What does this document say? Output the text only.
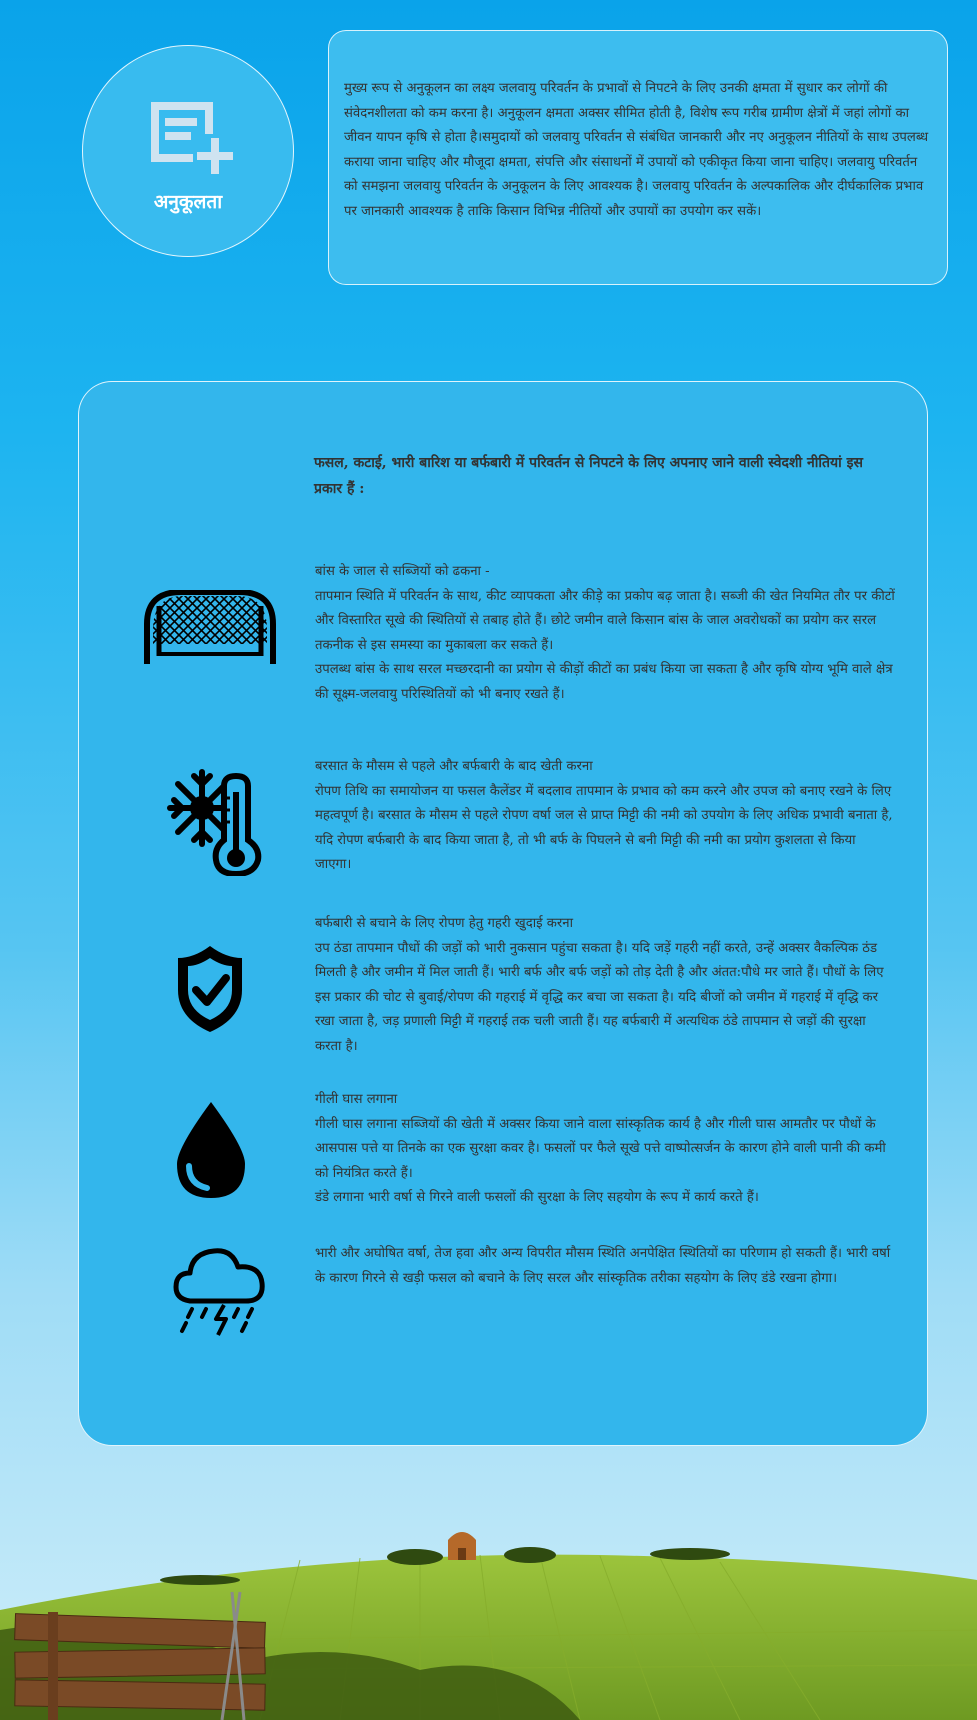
अनुकूलता

मुख्य रूप से अनुकूलन का लक्ष्य जलवायु परिवर्तन के प्रभावों से निपटने के लिए उनकी क्षमता में सुधार कर लोगों की संवेदनशीलता को कम करना है। अनुकूलन क्षमता अक्सर सीमित होती है, विशेष रूप गरीब ग्रामीण क्षेत्रों में जहां लोगों का जीवन यापन कृषि से होता है।समुदायों को जलवायु परिवर्तन से संबंधित जानकारी और नए अनुकूलन नीतियों के साथ उपलब्ध कराया जाना चाहिए और मौजूदा क्षमता, संपत्ति और संसाधनों में उपायों को एकीकृत किया जाना चाहिए। जलवायु परिवर्तन को समझना जलवायु परिवर्तन के अनुकूलन के लिए आवश्यक है। जलवायु परिवर्तन के अल्पकालिक और दीर्घकालिक प्रभाव पर जानकारी आवश्यक है ताकि किसान विभिन्न नीतियों और उपायों का उपयोग कर सकें।

फसल, कटाई, भारी बारिश या बर्फबारी में परिवर्तन से निपटने के लिए अपनाए जाने वाली स्वेदशी नीतियां इस प्रकार हैं :

बांस के जाल से सब्जियों को ढकना -

तापमान स्थिति में परिवर्तन के साथ, कीट व्यापकता और कीड़े का प्रकोप बढ़ जाता है। सब्जी की खेत नियमित तौर पर कीटों और विस्तारित सूखे की स्थितियों से तबाह होते हैं। छोटे जमीन वाले किसान बांस के जाल अवरोधकों का प्रयोग कर सरल तकनीक से इस समस्या का मुकाबला कर सकते हैं।

उपलब्ध बांस के साथ सरल मच्छरदानी का प्रयोग से कीड़ों कीटों का प्रबंध किया जा सकता है और कृषि योग्य भूमि वाले क्षेत्र की सूक्ष्म-जलवायु परिस्थितियों को भी बनाए रखते हैं।

बरसात के मौसम से पहले और बर्फबारी के बाद खेती करना

रोपण तिथि का समायोजन या फसल कैलेंडर में बदलाव तापमान के प्रभाव को कम करने और उपज को बनाए रखने के लिए महत्वपूर्ण है। बरसात के मौसम से पहले रोपण वर्षा जल से प्राप्त मिट्टी की नमी को उपयोग के लिए अधिक प्रभावी बनाता है, यदि रोपण बर्फबारी के बाद किया जाता है, तो भी बर्फ के पिघलने से बनी मिट्टी की नमी का प्रयोग कुशलता से किया जाएगा।

बर्फबारी से बचाने के लिए रोपण हेतु गहरी खुदाई करना

उप ठंडा तापमान पौधों की जड़ों को भारी नुकसान पहुंचा सकता है। यदि जड़ें गहरी नहीं करते, उन्हें अक्सर वैकल्पिक ठंड मिलती है और जमीन में मिल जाती हैं। भारी बर्फ और बर्फ जड़ों को तोड़ देती है और अंतत:पौधे मर जाते हैं। पौधों के लिए इस प्रकार की चोट से बुवाई/रोपण की गहराई में वृद्धि कर बचा जा सकता है। यदि बीजों को जमीन में गहराई में वृद्धि कर रखा जाता है, जड़ प्रणाली मिट्टी में गहराई तक चली जाती हैं। यह बर्फबारी में अत्यधिक ठंडे तापमान से जड़ों की सुरक्षा करता है।

गीली घास लगाना

गीली घास लगाना सब्जियों की खेती में अक्सर किया जाने वाला सांस्कृतिक कार्य है और गीली घास आमतौर पर पौधों के आसपास पत्ते या तिनके का एक सुरक्षा कवर है। फसलों पर फैले सूखे पत्ते वाष्पोत्सर्जन के कारण होने वाली पानी की कमी को नियंत्रित करते हैं।

डंडे लगाना भारी वर्षा से गिरने वाली फसलों की सुरक्षा के लिए सहयोग के रूप में कार्य करते हैं।

भारी और अघोषित वर्षा, तेज हवा और अन्य विपरीत मौसम स्थिति अनपेक्षित स्थितियों का परिणाम हो सकती हैं। भारी वर्षा के कारण गिरने से खड़ी फसल को बचाने के लिए सरल और सांस्कृतिक तरीका सहयोग के लिए डंडे रखना होगा।
